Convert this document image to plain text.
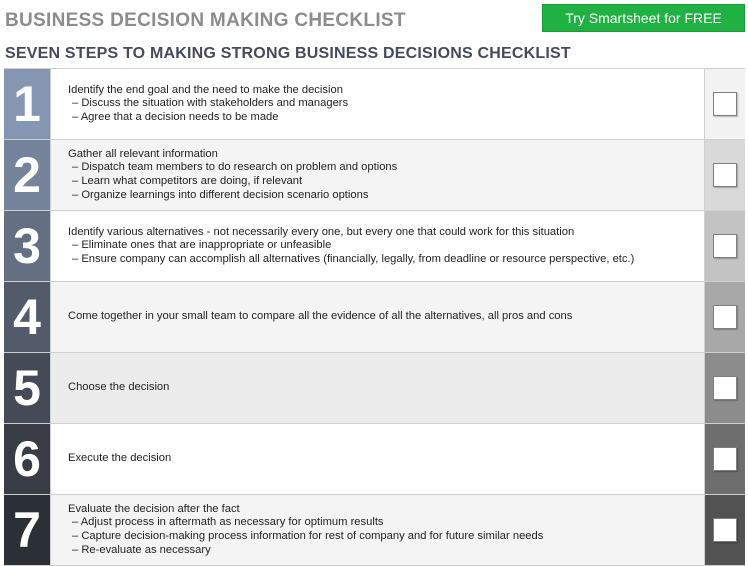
BUSINESS DECISION MAKING CHECKLIST	Try Smartsheet for FREE
SEVEN STEPS TO MAKING STRONG BUSINESS DECISIONS CHECKLIST
1	Identify the end goal and the need to make the decision
– Discuss the situation with stakeholders and managers
– Agree that a decision needs to be made
2	Gather all relevant information
– Dispatch team members to do research on problem and options
– Learn what competitors are doing, if relevant
– Organize learnings into different decision scenario options
3	Identify various alternatives - not necessarily every one, but every one that could work for this situation
– Eliminate ones that are inappropriate or unfeasible
– Ensure company can accomplish all alternatives (financially, legally, from deadline or resource perspective, etc.)
4	Come together in your small team to compare all the evidence of all the alternatives, all pros and cons
5	Choose the decision
6	Execute the decision
7	Evaluate the decision after the fact
– Adjust process in aftermath as necessary for optimum results
– Capture decision-making process information for rest of company and for future similar needs
– Re-evaluate as necessary
